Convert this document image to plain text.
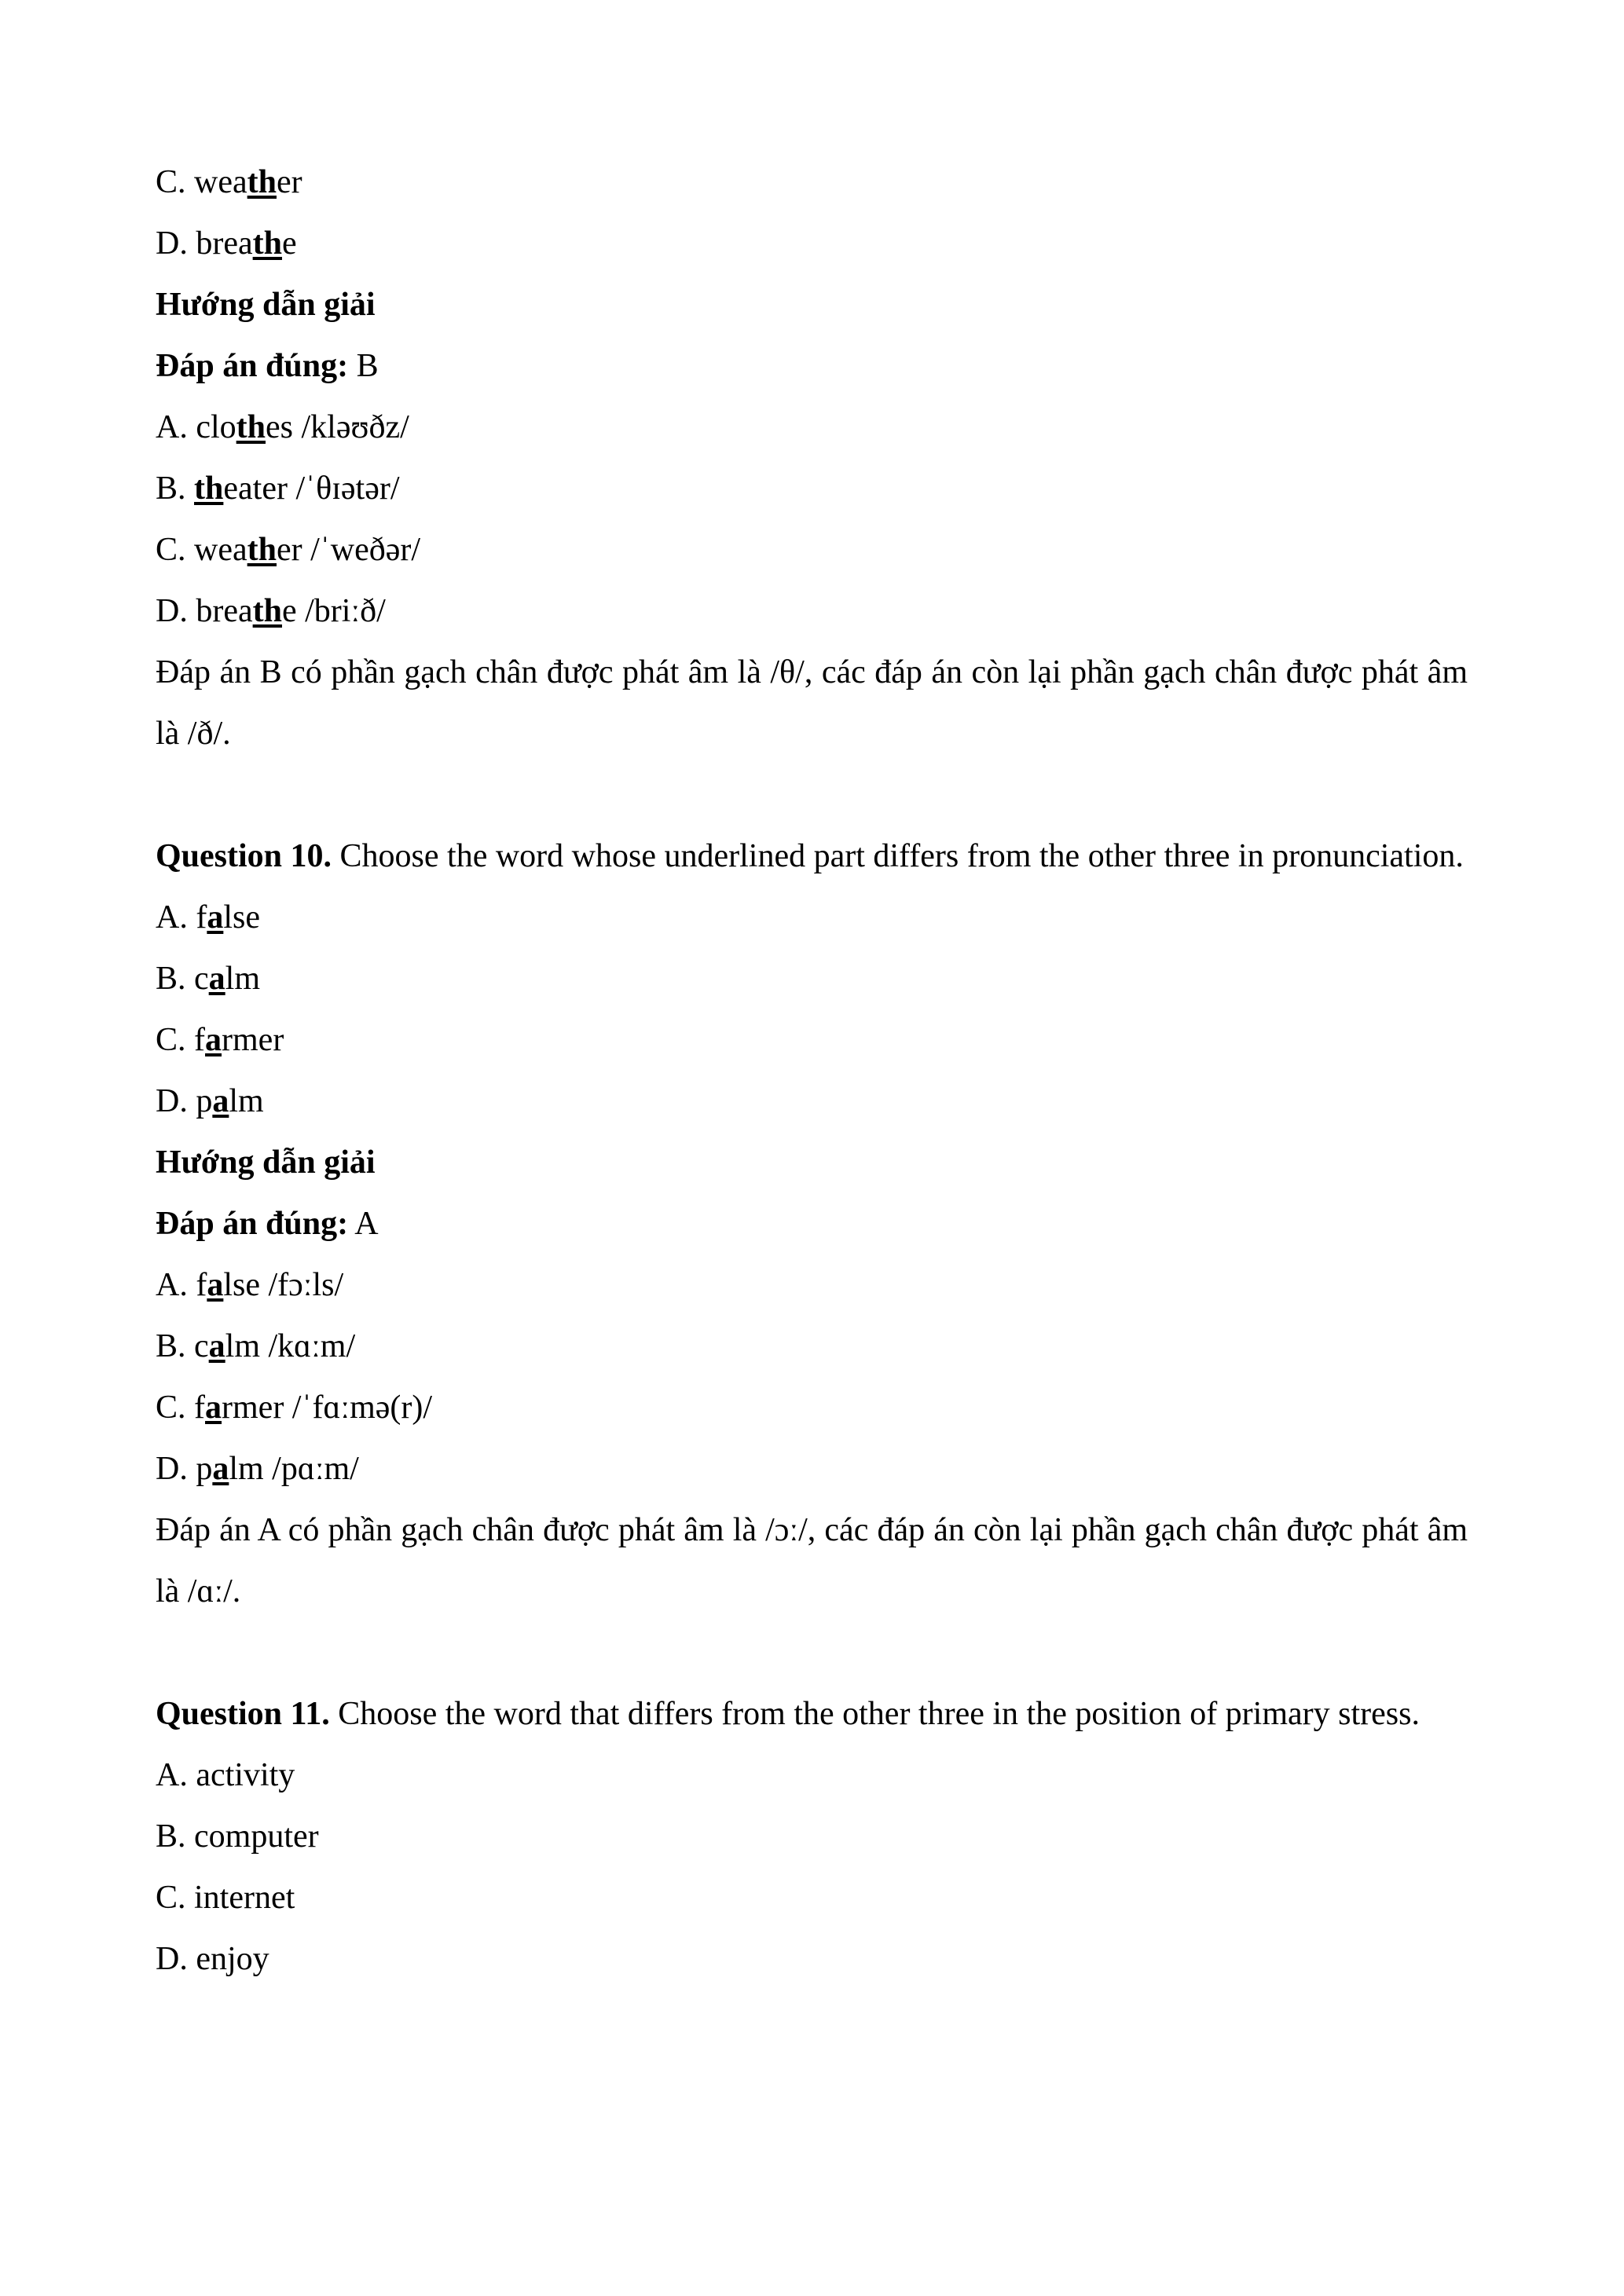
C. weather
D. breathe
Hướng dẫn giải
Đáp án đúng: B
A. clothes /kləʊðz/
B. theater /ˈθɪətər/
C. weather /ˈweðər/
D. breathe /briːð/
Đáp án B có phần gạch chân được phát âm là /θ/, các đáp án còn lại phần gạch chân được phát âm là /ð/.
Question 10. Choose the word whose underlined part differs from the other three in pronunciation.
A. false
B. calm
C. farmer
D. palm
Hướng dẫn giải
Đáp án đúng: A
A. false /fɔːls/
B. calm /kɑːm/
C. farmer /ˈfɑːmə(r)/
D. palm /pɑːm/
Đáp án A có phần gạch chân được phát âm là /ɔː/, các đáp án còn lại phần gạch chân được phát âm là /ɑː/.
Question 11. Choose the word that differs from the other three in the position of primary stress.
A. activity
B. computer
C. internet
D. enjoy
